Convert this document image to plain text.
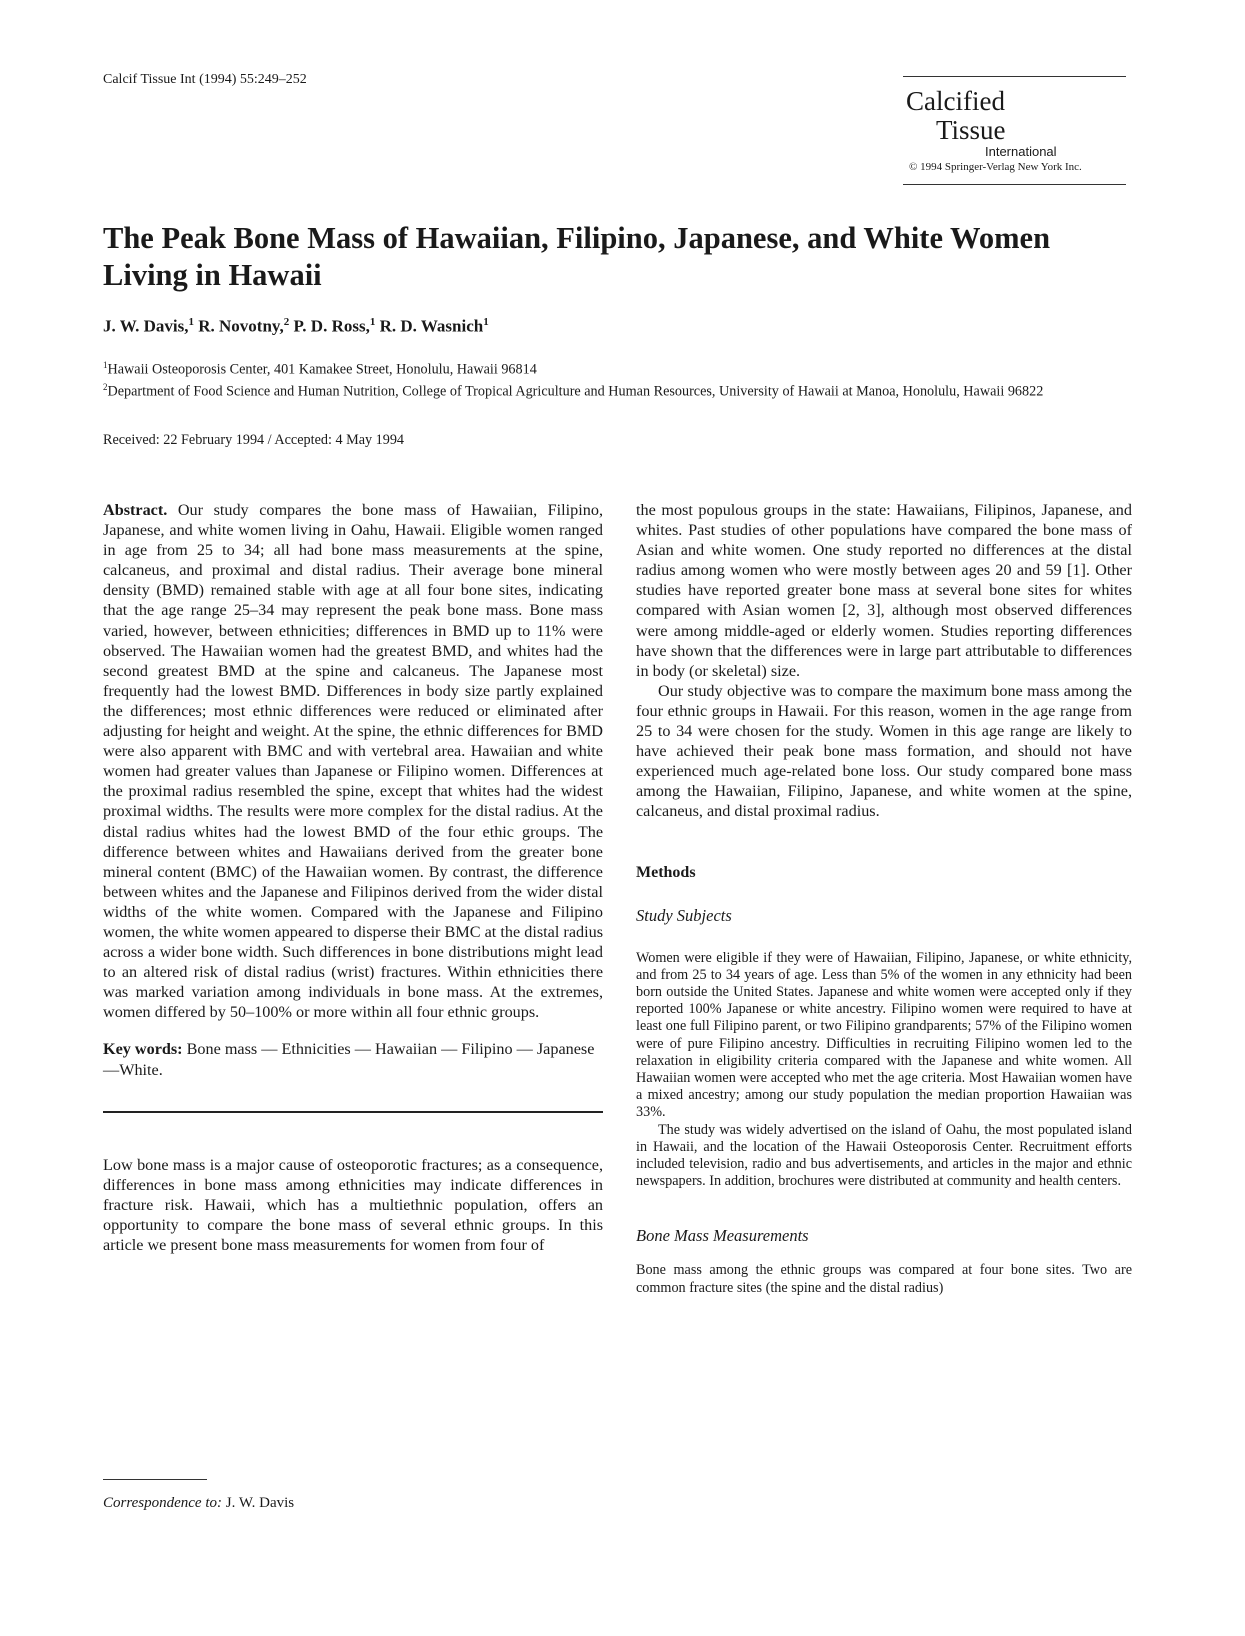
Calcif Tissue Int (1994) 55:249–252
Calcified
Tissue
International
© 1994 Springer-Verlag New York Inc.
The Peak Bone Mass of Hawaiian, Filipino, Japanese, and White Women Living in Hawaii
J. W. Davis,$^1$ R. Novotny,$^2$ P. D. Ross,$^1$ R. D. Wasnich$^1$
$^1$Hawaii Osteoporosis Center, 401 Kamakee Street, Honolulu, Hawaii 96814
$^2$Department of Food Science and Human Nutrition, College of Tropical Agriculture and Human Resources, University of Hawaii at Manoa, Honolulu, Hawaii 96822
Received: 22 February 1994 / Accepted: 4 May 1994

Abstract. Our study compares the bone mass of Hawaiian, Filipino, Japanese, and white women living in Oahu, Hawaii. Eligible women ranged in age from 25 to 34; all had bone mass measurements at the spine, calcaneus, and proximal and distal radius. Their average bone mineral density (BMD) remained stable with age at all four bone sites, indicating that the age range 25–34 may represent the peak bone mass. Bone mass varied, however, between ethnicities; differences in BMD up to 11% were observed. The Hawaiian women had the greatest BMD, and whites had the second greatest BMD at the spine and calcaneus. The Japanese most frequently had the lowest BMD. Differences in body size partly explained the differences; most ethnic differences were reduced or eliminated after adjusting for height and weight. At the spine, the ethnic differences for BMD were also apparent with BMC and with vertebral area. Hawaiian and white women had greater values than Japanese or Filipino women. Differences at the proximal radius resembled the spine, except that whites had the widest proximal widths. The results were more complex for the distal radius. At the distal radius whites had the lowest BMD of the four ethic groups. The difference between whites and Hawaiians derived from the greater bone mineral content (BMC) of the Hawaiian women. By contrast, the difference between whites and the Japanese and Filipinos derived from the wider distal widths of the white women. Compared with the Japanese and Filipino women, the white women appeared to disperse their BMC at the distal radius across a wider bone width. Such differences in bone distributions might lead to an altered risk of distal radius (wrist) fractures. Within ethnicities there was marked variation among individuals in bone mass. At the extremes, women differed by 50–100% or more within all four ethnic groups.

Key words: Bone mass — Ethnicities — Hawaiian — Filipino — Japanese —White.

Low bone mass is a major cause of osteoporotic fractures; as a consequence, differences in bone mass among ethnicities may indicate differences in fracture risk. Hawaii, which has a multiethnic population, offers an opportunity to compare the bone mass of several ethnic groups. In this article we present bone mass measurements for women from four of

Correspondence to: J. W. Davis

the most populous groups in the state: Hawaiians, Filipinos, Japanese, and whites. Past studies of other populations have compared the bone mass of Asian and white women. One study reported no differences at the distal radius among women who were mostly between ages 20 and 59 [1]. Other studies have reported greater bone mass at several bone sites for whites compared with Asian women [2, 3], although most observed differences were among middle-aged or elderly women. Studies reporting differences have shown that the differences were in large part attributable to differences in body (or skeletal) size.

Our study objective was to compare the maximum bone mass among the four ethnic groups in Hawaii. For this reason, women in the age range from 25 to 34 were chosen for the study. Women in this age range are likely to have achieved their peak bone mass formation, and should not have experienced much age-related bone loss. Our study compared bone mass among the Hawaiian, Filipino, Japanese, and white women at the spine, calcaneus, and distal proximal radius.

Methods
Study Subjects

Women were eligible if they were of Hawaiian, Filipino, Japanese, or white ethnicity, and from 25 to 34 years of age. Less than 5% of the women in any ethnicity had been born outside the United States. Japanese and white women were accepted only if they reported 100% Japanese or white ancestry. Filipino women were required to have at least one full Filipino parent, or two Filipino grandparents; 57% of the Filipino women were of pure Filipino ancestry. Difficulties in recruiting Filipino women led to the relaxation in eligibility criteria compared with the Japanese and white women. All Hawaiian women were accepted who met the age criteria. Most Hawaiian women have a mixed ancestry; among our study population the median proportion Hawaiian was 33%.

The study was widely advertised on the island of Oahu, the most populated island in Hawaii, and the location of the Hawaii Osteoporosis Center. Recruitment efforts included television, radio and bus advertisements, and articles in the major and ethnic newspapers. In addition, brochures were distributed at community and health centers.

Bone Mass Measurements

Bone mass among the ethnic groups was compared at four bone sites. Two are common fracture sites (the spine and the distal radius)
